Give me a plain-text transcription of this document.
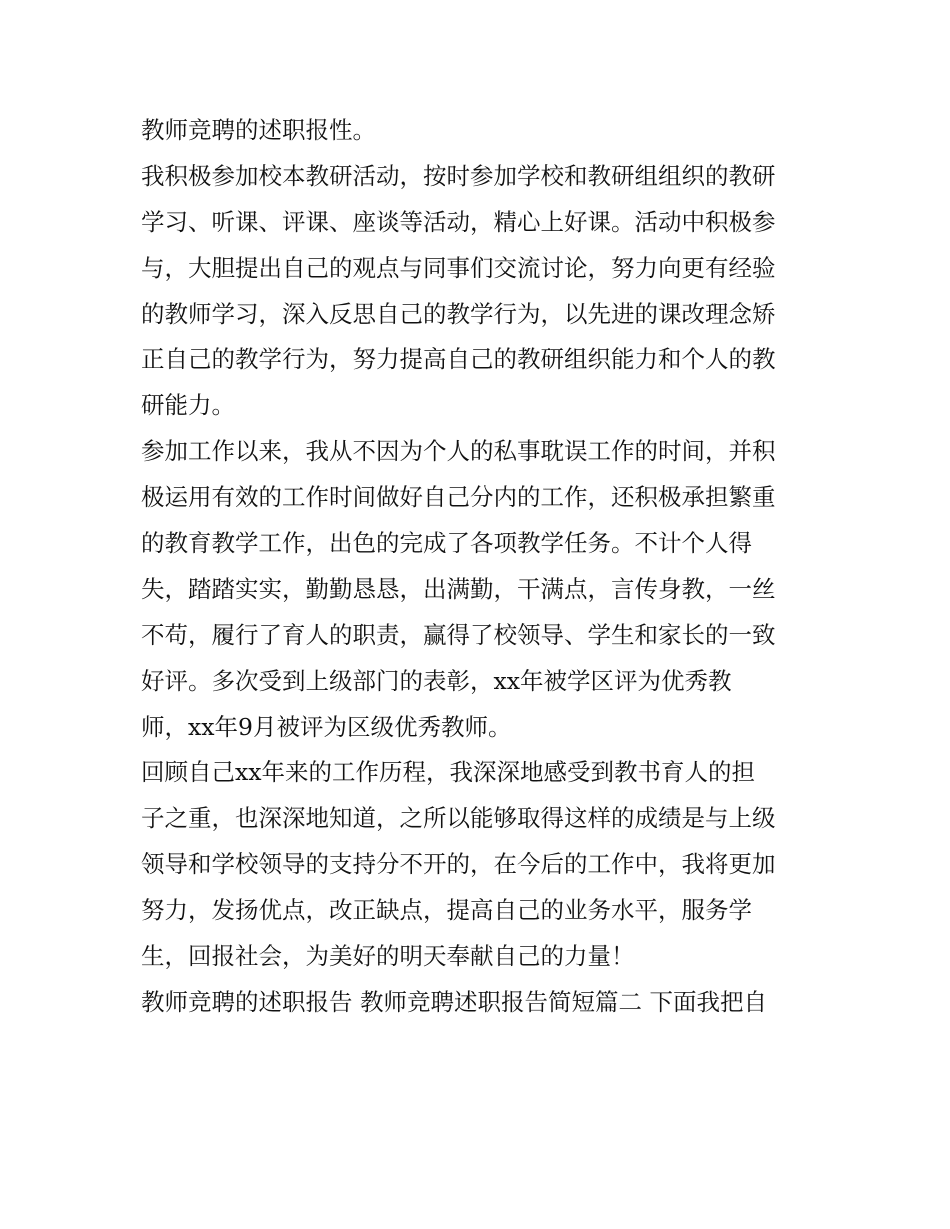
教师竞聘的述职报性。
我积极参加校本教研活动，按时参加学校和教研组组织的教研
学习、听课、评课、座谈等活动，精心上好课。活动中积极参
与，大胆提出自己的观点与同事们交流讨论，努力向更有经验
的教师学习，深入反思自己的教学行为，以先进的课改理念矫
正自己的教学行为，努力提高自己的教研组织能力和个人的教
研能力。
参加工作以来，我从不因为个人的私事耽误工作的时间，并积
极运用有效的工作时间做好自己分内的工作，还积极承担繁重
的教育教学工作，出色的完成了各项教学任务。不计个人得
失，踏踏实实，勤勤恳恳，出满勤，干满点，言传身教，一丝
不苟，履行了育人的职责，赢得了校领导、学生和家长的一致
好评。多次受到上级部门的表彰，xx年被学区评为优秀教
师，xx年9月被评为区级优秀教师。
回顾自己xx年来的工作历程，我深深地感受到教书育人的担
子之重，也深深地知道，之所以能够取得这样的成绩是与上级
领导和学校领导的支持分不开的，在今后的工作中，我将更加
努力，发扬优点，改正缺点，提高自己的业务水平，服务学
生，回报社会，为美好的明天奉献自己的力量！
教师竞聘的述职报告 教师竞聘述职报告简短篇二 下面我把自
